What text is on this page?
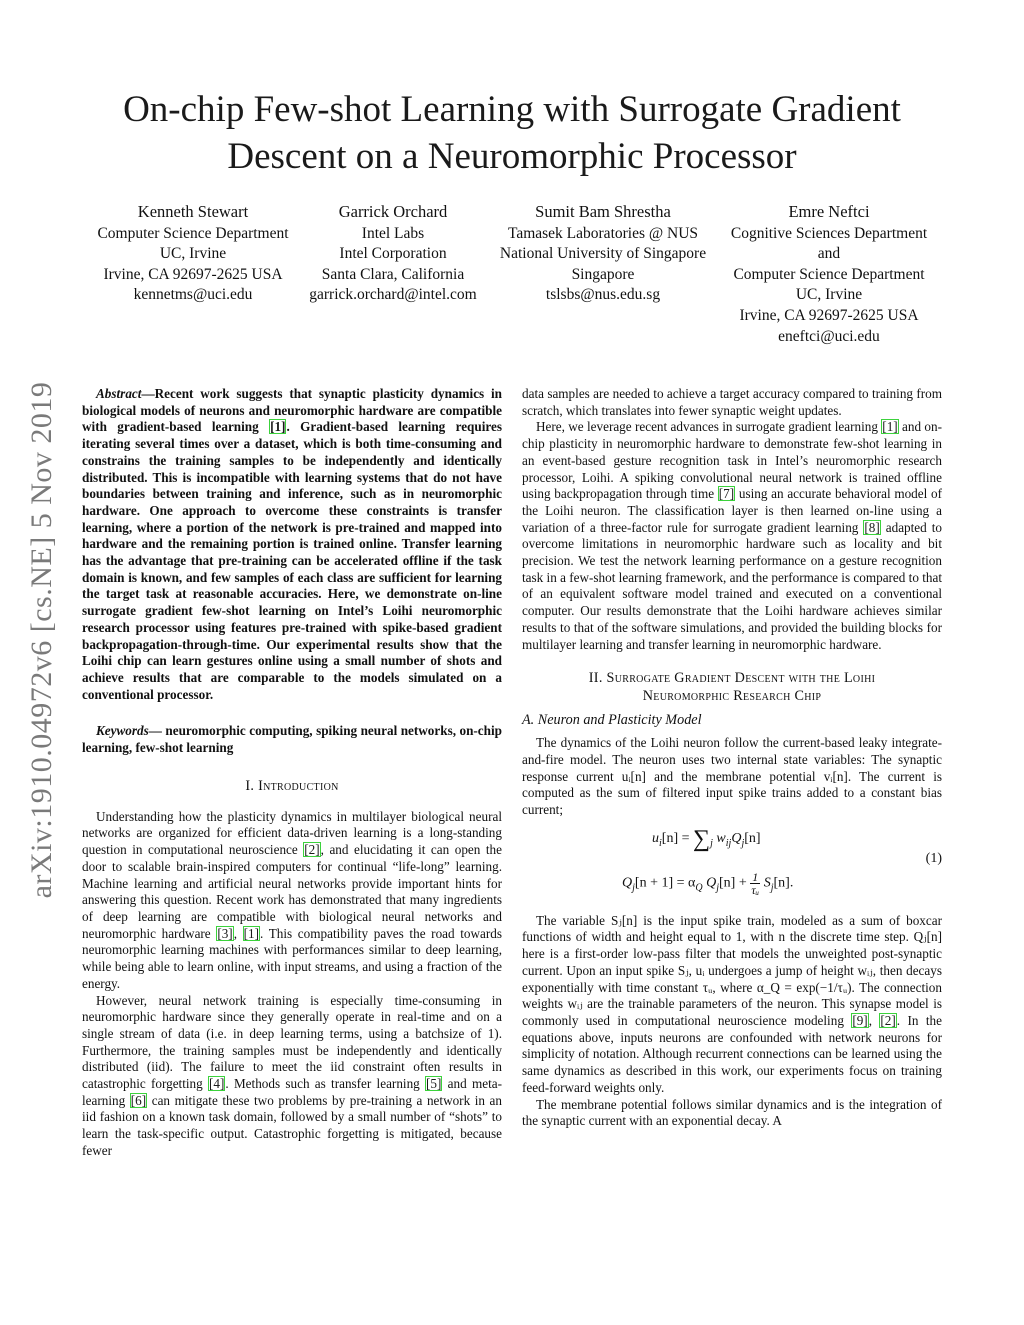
arXiv:1910.04972v6 [cs.NE] 5 Nov 2019
On-chip Few-shot Learning with Surrogate Gradient
Descent on a Neuromorphic Processor
Kenneth Stewart
Computer Science Department
UC, Irvine
Irvine, CA 92697-2625 USA
kennetms@uci.edu
Garrick Orchard
Intel Labs
Intel Corporation
Santa Clara, California
garrick.orchard@intel.com
Sumit Bam Shrestha
Tamasek Laboratories @ NUS
National University of Singapore
Singapore
tslsbs@nus.edu.sg
Emre Neftci
Cognitive Sciences Department
and
Computer Science Department
UC, Irvine
Irvine, CA 92697-2625 USA
eneftci@uci.edu

Abstract—Recent work suggests that synaptic plasticity dynamics in biological models of neurons and neuromorphic hardware are compatible with gradient-based learning [1]. Gradient-based learning requires iterating several times over a dataset, which is both time-consuming and constrains the training samples to be independently and identically distributed. This is incompatible with learning systems that do not have boundaries between training and inference, such as in neuromorphic hardware. One approach to overcome these constraints is transfer learning, where a portion of the network is pre-trained and mapped into hardware and the remaining portion is trained online. Transfer learning has the advantage that pre-training can be accelerated offline if the task domain is known, and few samples of each class are sufficient for learning the target task at reasonable accuracies. Here, we demonstrate on-line surrogate gradient few-shot learning on Intel’s Loihi neuromorphic research processor using features pre-trained with spike-based gradient backpropagation-through-time. Our experimental results show that the Loihi chip can learn gestures online using a small number of shots and achieve results that are comparable to the models simulated on a conventional processor.

Keywords— neuromorphic computing, spiking neural networks, on-chip learning, few-shot learning

I. Introduction

Understanding how the plasticity dynamics in multilayer biological neural networks are organized for efficient data-driven learning is a long-standing question in computational neuroscience [2], and elucidating it can open the door to scalable brain-inspired computers for continual “life-long” learning. Machine learning and artificial neural networks provide important hints for answering this question. Recent work has demonstrated that many ingredients of deep learning are compatible with biological neural networks and neuromorphic hardware [3], [1]. This compatibility paves the road towards neuromorphic learning machines with performances similar to deep learning, while being able to learn online, with input streams, and using a fraction of the energy.

However, neural network training is especially time-consuming in neuromorphic hardware since they generally operate in real-time and on a single stream of data (i.e. in deep learning terms, using a batchsize of 1). Furthermore, the training samples must be independently and identically distributed (iid). The failure to meet the iid constraint often results in catastrophic forgetting [4]. Methods such as transfer learning [5] and meta-learning [6] can mitigate these two problems by pre-training a network in an iid fashion on a known task domain, followed by a small number of “shots” to learn the task-specific output. Catastrophic forgetting is mitigated, because fewer

data samples are needed to achieve a target accuracy compared to training from scratch, which translates into fewer synaptic weight updates.

Here, we leverage recent advances in surrogate gradient learning [1] and on-chip plasticity in neuromorphic hardware to demonstrate few-shot learning in an event-based gesture recognition task in Intel’s neuromorphic research processor, Loihi. A spiking convolutional neural network is trained offline using backpropagation through time [7] using an accurate behavioral model of the Loihi neuron. The classification layer is then learned on-line using a variation of a three-factor rule for surrogate gradient learning [8] adapted to overcome limitations in neuromorphic hardware such as locality and bit precision. We test the network learning performance on a gesture recognition task in a few-shot learning framework, and the performance is compared to that of an equivalent software model trained and executed on a conventional computer. Our results demonstrate that the Loihi hardware achieves similar results to that of the software simulations, and provided the building blocks for multilayer learning and transfer learning in neuromorphic hardware.

II. Surrogate Gradient Descent with the Loihi
Neuromorphic Research Chip
A. Neuron and Plasticity Model

The dynamics of the Loihi neuron follow the current-based leaky integrate-and-fire model. The neuron uses two internal state variables: The synaptic response current uᵢ[n] and the membrane potential vᵢ[n]. The current is computed as the sum of filtered input spike trains added to a constant bias current;

$u_i[n] = \sum_j$ $w_{ij}Q_j[n]$
$Q_j[n + 1] = \alpha_Q$ $Q_j[n] + \frac{1}{\text{τᵤ}} S_j[n]$.
(1)

The variable Sⱼ[n] is the input spike train, modeled as a sum of boxcar functions of width and height equal to 1, with n the discrete time step. Qⱼ[n] here is a first-order low-pass filter that models the unweighted post-synaptic current. Upon an input spike Sⱼ, uᵢ undergoes a jump of height wᵢⱼ, then decays exponentially with time constant τᵤ, where α_Q = exp(−1/τᵤ). The connection weights wᵢⱼ are the trainable parameters of the neuron. This synapse model is commonly used in computational neuroscience modeling [9], [2]. In the equations above, inputs neurons are confounded with network neurons for simplicity of notation. Although recurrent connections can be learned using the same dynamics as described in this work, our experiments focus on training feed-forward weights only.

The membrane potential follows similar dynamics and is the integration of the synaptic current with an exponential decay. A
